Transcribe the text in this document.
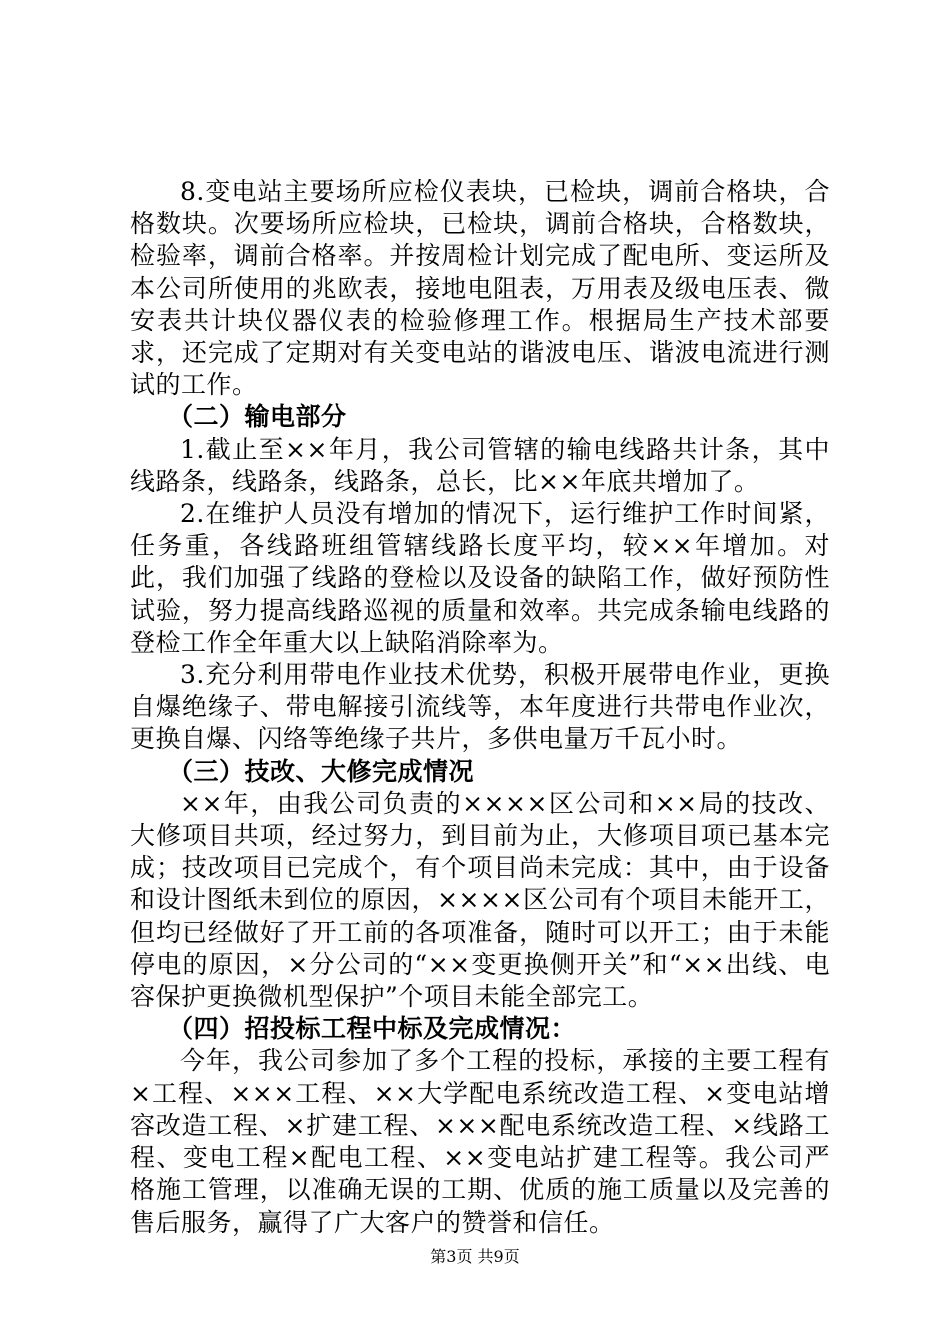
8.变电站主要场所应检仪表块，已检块，调前合格块，合格数块。次要场所应检块，已检块，调前合格块，合格数块，检验率，调前合格率。并按周检计划完成了配电所、变运所及本公司所使用的兆欧表，接地电阻表，万用表及级电压表、微安表共计块仪器仪表的检验修理工作。根据局生产技术部要求，还完成了定期对有关变电站的谐波电压、谐波电流进行测试的工作。

（二）输电部分

1.截止至××年月，我公司管辖的输电线路共计条，其中线路条，线路条，线路条，总长，比××年底共增加了。

2.在维护人员没有增加的情况下，运行维护工作时间紧，任务重，各线路班组管辖线路长度平均，较××年增加。对此，我们加强了线路的登检以及设备的缺陷工作，做好预防性试验，努力提高线路巡视的质量和效率。共完成条输电线路的登检工作全年重大以上缺陷消除率为。

3.充分利用带电作业技术优势，积极开展带电作业，更换自爆绝缘子、带电解接引流线等，本年度进行共带电作业次，更换自爆、闪络等绝缘子共片，多供电量万千瓦小时。

（三）技改、大修完成情况

××年，由我公司负责的××××区公司和××局的技改、大修项目共项，经过努力，到目前为止，大修项目项已基本完成；技改项目已完成个，有个项目尚未完成：其中，由于设备和设计图纸未到位的原因，××××区公司有个项目未能开工，但均已经做好了开工前的各项准备，随时可以开工；由于未能停电的原因，×分公司的“××变更换侧开关”和“××出线、电容保护更换微机型保护”个项目未能全部完工。

（四）招投标工程中标及完成情况：

今年，我公司参加了多个工程的投标，承接的主要工程有×工程、×××工程、××大学配电系统改造工程、×变电站增容改造工程、×扩建工程、×××配电系统改造工程、×线路工程、变电工程×配电工程、××变电站扩建工程等。我公司严格施工管理，以准确无误的工期、优质的施工质量以及完善的售后服务，赢得了广大客户的赞誉和信任。

第3页 共9页
